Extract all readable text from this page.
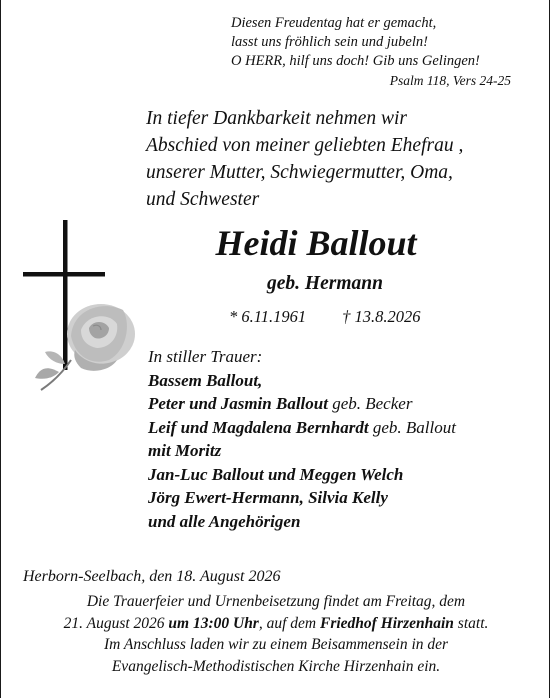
Diesen Freudentag hat er gemacht,
lasst uns fröhlich sein und jubeln!
O HERR, hilf uns doch! Gib uns Gelingen!
Psalm 118, Vers 24-25
In tiefer Dankbarkeit nehmen wir
Abschied von meiner geliebten Ehefrau ,
unserer Mutter, Schwiegermutter, Oma,
und Schwester
Heidi Ballout
geb. Hermann
* 6.11.1961 † 13.8.2026
In stiller Trauer:
Bassem Ballout,
Peter und Jasmin Ballout geb. Becker
Leif und Magdalena Bernhardt geb. Ballout
mit Moritz
Jan-Luc Ballout und Meggen Welch
Jörg Ewert-Hermann, Silvia Kelly
und alle Angehörigen
Herborn-Seelbach, den 18. August 2026
Die Trauerfeier und Urnenbeisetzung findet am Freitag, dem
21. August 2026 um 13:00 Uhr, auf dem Friedhof Hirzenhain statt.
Im Anschluss laden wir zu einem Beisammensein in der
Evangelisch-Methodistischen Kirche Hirzenhain ein.
